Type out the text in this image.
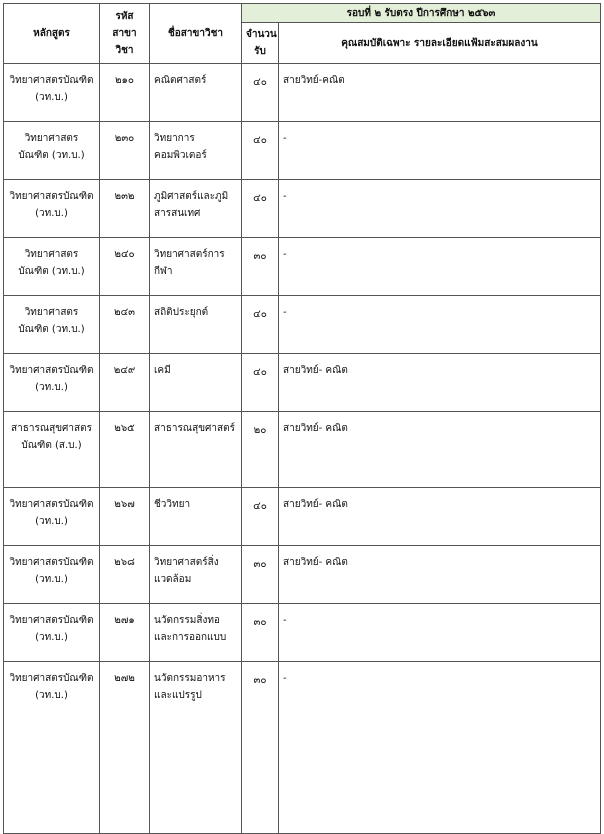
หลักสูตร	รหัสสาขาวิชา	ชื่อสาขาวิชา	รอบที่ ๒ รับตรง ปีการศึกษา ๒๕๖๓	
			จำนวนรับ	คุณสมบัติเฉพาะ รายละเอียดแฟ้มสะสมผลงาน
วิทยาศาสตรบัณฑิต (วท.บ.)	๒๑๐	คณิตศาสตร์	๔๐	สายวิทย์-คณิต
วิทยาศาสตร บัณฑิต (วท.บ.)	๒๓๐	วิทยาการคอมพิวเตอร์	๔๐	-
วิทยาศาสตรบัณฑิต (วท.บ.)	๒๓๒	ภูมิศาสตร์และภูมิสารสนเทศ	๔๐	-
วิทยาศาสตร บัณฑิต (วท.บ.)	๒๔๐	วิทยาศาสตร์การกีฬา	๓๐	-
วิทยาศาสตร บัณฑิต (วท.บ.)	๒๔๓	สถิติประยุกต์	๔๐	-
วิทยาศาสตรบัณฑิต (วท.บ.)	๒๔๙	เคมี	๔๐	สายวิทย์- คณิต
สาธารณสุขศาสตร บัณฑิต (ส.บ.)	๒๖๕	สาธารณสุขศาสตร์	๒๐	สายวิทย์- คณิต
วิทยาศาสตรบัณฑิต (วท.บ.)	๒๖๗	ชีววิทยา	๔๐	สายวิทย์- คณิต
วิทยาศาสตรบัณฑิต (วท.บ.)	๒๖๘	วิทยาศาสตร์สิ่งแวดล้อม	๓๐	สายวิทย์- คณิต
วิทยาศาสตรบัณฑิต (วท.บ.)	๒๗๑	นวัตกรรมสิ่งทอและการออกแบบ	๓๐	-
วิทยาศาสตรบัณฑิต (วท.บ.)	๒๗๒	นวัตกรรมอาหารและแปรรูป	๓๐	-
